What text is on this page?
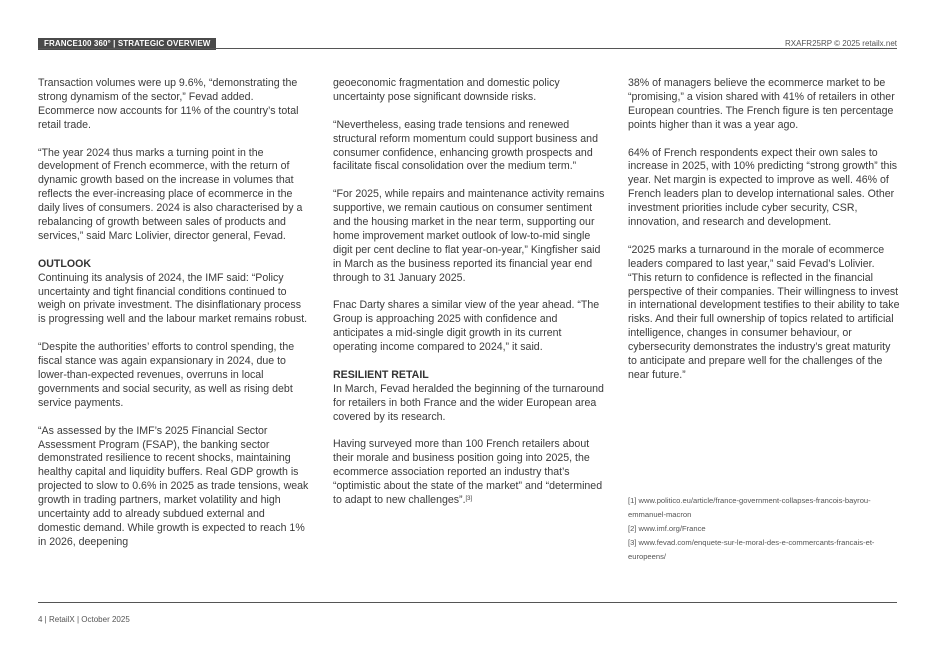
FRANCE100 360° | STRATEGIC OVERVIEW	RXAFR25RP © 2025 retailx.net

Transaction volumes were up 9.6%, “demonstrating the strong dynamism of the sector,” Fevad added. Ecommerce now accounts for 11% of the country’s total retail trade.

“The year 2024 thus marks a turning point in the development of French ecommerce, with the return of dynamic growth based on the increase in volumes that reflects the ever-increasing place of ecommerce in the daily lives of consumers. 2024 is also characterised by a rebalancing of growth between sales of products and services,” said Marc Lolivier, director general, Fevad.

OUTLOOK

Continuing its analysis of 2024, the IMF said: “Policy uncertainty and tight financial conditions continued to weigh on private investment. The disinflationary process is progressing well and the labour market remains robust.

“Despite the authorities’ efforts to control spending, the fiscal stance was again expansionary in 2024, due to lower-than-expected revenues, overruns in local governments and social security, as well as rising debt service payments.

“As assessed by the IMF’s 2025 Financial Sector Assessment Program (FSAP), the banking sector demonstrated resilience to recent shocks, maintaining healthy capital and liquidity buffers. Real GDP growth is projected to slow to 0.6% in 2025 as trade tensions, weak growth in trading partners, market volatility and high uncertainty add to already subdued external and domestic demand. While growth is expected to reach 1% in 2026, deepening

geoeconomic fragmentation and domestic policy uncertainty pose significant downside risks.

“Nevertheless, easing trade tensions and renewed structural reform momentum could support business and consumer confidence, enhancing growth prospects and facilitate fiscal consolidation over the medium term.”

“For 2025, while repairs and maintenance activity remains supportive, we remain cautious on consumer sentiment and the housing market in the near term, supporting our home improvement market outlook of low-to-mid single digit per cent decline to flat year-on-year,” Kingfisher said in March as the business reported its financial year end through to 31 January 2025.

Fnac Darty shares a similar view of the year ahead. “The Group is approaching 2025 with confidence and anticipates a mid-single digit growth in its current operating income compared to 2024,” it said.

RESILIENT RETAIL

In March, Fevad heralded the beginning of the turnaround for retailers in both France and the wider European area covered by its research.

Having surveyed more than 100 French retailers about their morale and business position going into 2025, the ecommerce association reported an industry that’s “optimistic about the state of the market” and “determined to adapt to new challenges”.[3]

38% of managers believe the ecommerce market to be “promising,” a vision shared with 41% of retailers in other European countries. The French figure is ten percentage points higher than it was a year ago.

64% of French respondents expect their own sales to increase in 2025, with 10% predicting “strong growth” this year. Net margin is expected to improve as well. 46% of French leaders plan to develop international sales. Other investment priorities include cyber security, CSR, innovation, and research and development.

“2025 marks a turnaround in the morale of ecommerce leaders compared to last year,” said Fevad’s Lolivier. “This return to confidence is reflected in the financial perspective of their companies. Their willingness to invest in international development testifies to their ability to take risks. And their full ownership of topics related to artificial intelligence, changes in consumer behaviour, or cybersecurity demonstrates the industry’s great maturity to anticipate and prepare well for the challenges of the near future.”

[1] www.politico.eu/article/france-government-collapses-francois-bayrou-emmanuel-macron
[2] www.imf.org/France
[3] www.fevad.com/enquete-sur-le-moral-des-e-commercants-francais-et-europeens/
4 | RetailX | October 2025
